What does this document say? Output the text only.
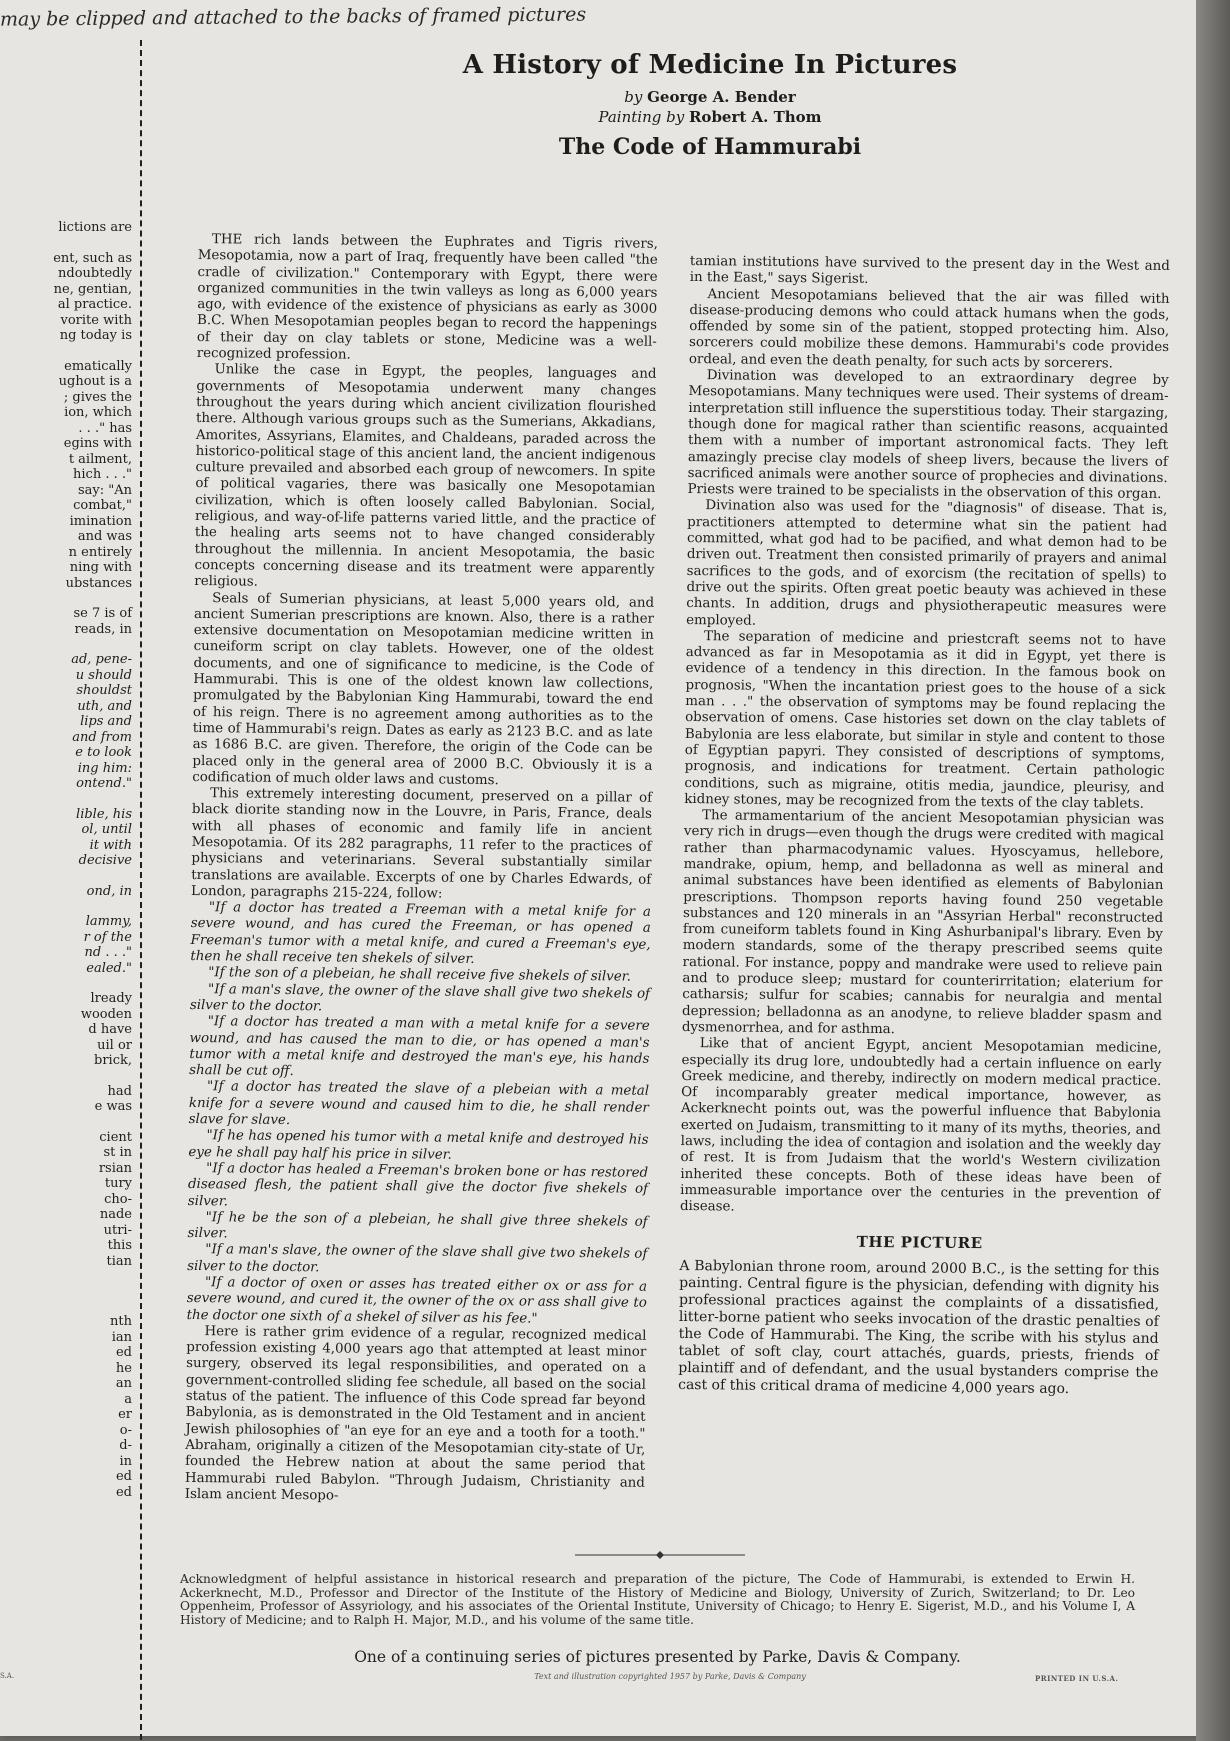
may be clipped and attached to the backs of framed pictures
lictions are
ent, such as
ndoubtedly
ne, gentian,
al practice.
vorite with
ng today is
ematically
ughout is a
; gives the
ion, which
. . ." has
egins with
t ailment,
hich . . ."
say: "An
combat,"
imination
and was
n entirely
ning with
ubstances
se 7 is of
reads, in
ad, pene-
u should
shouldst
uth, and
lips and
and from
e to look
ing him:
ontend."
lible, his
ol, until
it with
decisive
ond, in
lammy,
r of the
nd . . ."
ealed."
lready
wooden
d have
uil or
brick,
had
e was
cient
st in
rsian
tury
cho-
nade
utri-
this
tian
nth
ian
ed
he
an
a
er
o-
d-
in
ed
ed
A History of Medicine In Pictures
by George A. Bender
Painting by Robert A. Thom
The Code of Hammurabi

THE rich lands between the Euphrates and Tigris rivers, Mesopotamia, now a part of Iraq, frequently have been called "the cradle of civilization." Contemporary with Egypt, there were organized communities in the twin valleys as long as 6,000 years ago, with evidence of the existence of physicians as early as 3000 B.C. When Mesopotamian peoples began to record the happenings of their day on clay tablets or stone, Medicine was a well-recognized profession.

Unlike the case in Egypt, the peoples, languages and governments of Mesopotamia underwent many changes throughout the years during which ancient civilization flourished there. Although various groups such as the Sumerians, Akkadians, Amorites, Assyrians, Elamites, and Chaldeans, paraded across the historico-political stage of this ancient land, the ancient indigenous culture prevailed and absorbed each group of newcomers. In spite of political vagaries, there was basically one Mesopotamian civilization, which is often loosely called Babylonian. Social, religious, and way-of-life patterns varied little, and the practice of the healing arts seems not to have changed considerably throughout the millennia. In ancient Mesopotamia, the basic concepts concerning disease and its treatment were apparently religious.

Seals of Sumerian physicians, at least 5,000 years old, and ancient Sumerian prescriptions are known. Also, there is a rather extensive documentation on Mesopotamian medicine written in cuneiform script on clay tablets. However, one of the oldest documents, and one of significance to medicine, is the Code of Hammurabi. This is one of the oldest known law collections, promulgated by the Babylonian King Hammurabi, toward the end of his reign. There is no agreement among authorities as to the time of Hammurabi's reign. Dates as early as 2123 B.C. and as late as 1686 B.C. are given. Therefore, the origin of the Code can be placed only in the general area of 2000 B.C. Obviously it is a codification of much older laws and customs.

This extremely interesting document, preserved on a pillar of black diorite standing now in the Louvre, in Paris, France, deals with all phases of economic and family life in ancient Mesopotamia. Of its 282 paragraphs, 11 refer to the practices of physicians and veterinarians. Several substantially similar translations are available. Excerpts of one by Charles Edwards, of London, paragraphs 215-224, follow:

"If a doctor has treated a Freeman with a metal knife for a severe wound, and has cured the Freeman, or has opened a Freeman's tumor with a metal knife, and cured a Freeman's eye, then he shall receive ten shekels of silver.

"If the son of a plebeian, he shall receive five shekels of silver.

"If a man's slave, the owner of the slave shall give two shekels of silver to the doctor.

"If a doctor has treated a man with a metal knife for a severe wound, and has caused the man to die, or has opened a man's tumor with a metal knife and destroyed the man's eye, his hands shall be cut off.

"If a doctor has treated the slave of a plebeian with a metal knife for a severe wound and caused him to die, he shall render slave for slave.

"If he has opened his tumor with a metal knife and destroyed his eye he shall pay half his price in silver.

"If a doctor has healed a Freeman's broken bone or has restored diseased flesh, the patient shall give the doctor five shekels of silver.

"If he be the son of a plebeian, he shall give three shekels of silver.

"If a man's slave, the owner of the slave shall give two shekels of silver to the doctor.

"If a doctor of oxen or asses has treated either ox or ass for a severe wound, and cured it, the owner of the ox or ass shall give to the doctor one sixth of a shekel of silver as his fee."

Here is rather grim evidence of a regular, recognized medical profession existing 4,000 years ago that attempted at least minor surgery, observed its legal responsibilities, and operated on a government-controlled sliding fee schedule, all based on the social status of the patient. The influence of this Code spread far beyond Babylonia, as is demonstrated in the Old Testament and in ancient Jewish philosophies of "an eye for an eye and a tooth for a tooth." Abraham, originally a citizen of the Mesopotamian city-state of Ur, founded the Hebrew nation at about the same period that Hammurabi ruled Babylon. "Through Judaism, Christianity and Islam ancient Mesopo-

tamian institutions have survived to the present day in the West and in the East," says Sigerist.

Ancient Mesopotamians believed that the air was filled with disease-producing demons who could attack humans when the gods, offended by some sin of the patient, stopped protecting him. Also, sorcerers could mobilize these demons. Hammurabi's code provides ordeal, and even the death penalty, for such acts by sorcerers.

Divination was developed to an extraordinary degree by Mesopotamians. Many techniques were used. Their systems of dream-interpretation still influence the superstitious today. Their stargazing, though done for magical rather than scientific reasons, acquainted them with a number of important astronomical facts. They left amazingly precise clay models of sheep livers, because the livers of sacrificed animals were another source of prophecies and divinations. Priests were trained to be specialists in the observation of this organ.

Divination also was used for the "diagnosis" of disease. That is, practitioners attempted to determine what sin the patient had committed, what god had to be pacified, and what demon had to be driven out. Treatment then consisted primarily of prayers and animal sacrifices to the gods, and of exorcism (the recitation of spells) to drive out the spirits. Often great poetic beauty was achieved in these chants. In addition, drugs and physiotherapeutic measures were employed.

The separation of medicine and priestcraft seems not to have advanced as far in Mesopotamia as it did in Egypt, yet there is evidence of a tendency in this direction. In the famous book on prognosis, "When the incantation priest goes to the house of a sick man . . ." the observation of symptoms may be found replacing the observation of omens. Case histories set down on the clay tablets of Babylonia are less elaborate, but similar in style and content to those of Egyptian papyri. They consisted of descriptions of symptoms, prognosis, and indications for treatment. Certain pathologic conditions, such as migraine, otitis media, jaundice, pleurisy, and kidney stones, may be recognized from the texts of the clay tablets.

The armamentarium of the ancient Mesopotamian physician was very rich in drugs—even though the drugs were credited with magical rather than pharmacodynamic values. Hyoscyamus, hellebore, mandrake, opium, hemp, and belladonna as well as mineral and animal substances have been identified as elements of Babylonian prescriptions. Thompson reports having found 250 vegetable substances and 120 minerals in an "Assyrian Herbal" reconstructed from cuneiform tablets found in King Ashurbanipal's library. Even by modern standards, some of the therapy prescribed seems quite rational. For instance, poppy and mandrake were used to relieve pain and to produce sleep; mustard for counterirritation; elaterium for catharsis; sulfur for scabies; cannabis for neuralgia and mental depression; belladonna as an anodyne, to relieve bladder spasm and dysmenorrhea, and for asthma.

Like that of ancient Egypt, ancient Mesopotamian medicine, especially its drug lore, undoubtedly had a certain influence on early Greek medicine, and thereby, indirectly on modern medical practice. Of incomparably greater medical importance, however, as Ackerknecht points out, was the powerful influence that Babylonia exerted on Judaism, transmitting to it many of its myths, theories, and laws, including the idea of contagion and isolation and the weekly day of rest. It is from Judaism that the world's Western civilization inherited these concepts. Both of these ideas have been of immeasurable importance over the centuries in the prevention of disease.

THE PICTURE

A Babylonian throne room, around 2000 B.C., is the setting for this painting. Central figure is the physician, defending with dignity his professional practices against the complaints of a dissatisfied, litter-borne patient who seeks invocation of the drastic penalties of the Code of Hammurabi. The King, the scribe with his stylus and tablet of soft clay, court attachés, guards, priests, friends of plaintiff and of defendant, and the usual bystanders comprise the cast of this critical drama of medicine 4,000 years ago.

Acknowledgment of helpful assistance in historical research and preparation of the picture, The Code of Hammurabi, is extended to Erwin H. Ackerknecht, M.D., Professor and Director of the Institute of the History of Medicine and Biology, University of Zurich, Switzerland; to Dr. Leo Oppenheim, Professor of Assyriology, and his associates of the Oriental Institute, University of Chicago; to Henry E. Sigerist, M.D., and his Volume I, A History of Medicine; and to Ralph H. Major, M.D., and his volume of the same title.
One of a continuing series of pictures presented by Parke, Davis & Company.
Text and illustration copyrighted 1957 by Parke, Davis & Company	PRINTED IN U.S.A.
S.A.
